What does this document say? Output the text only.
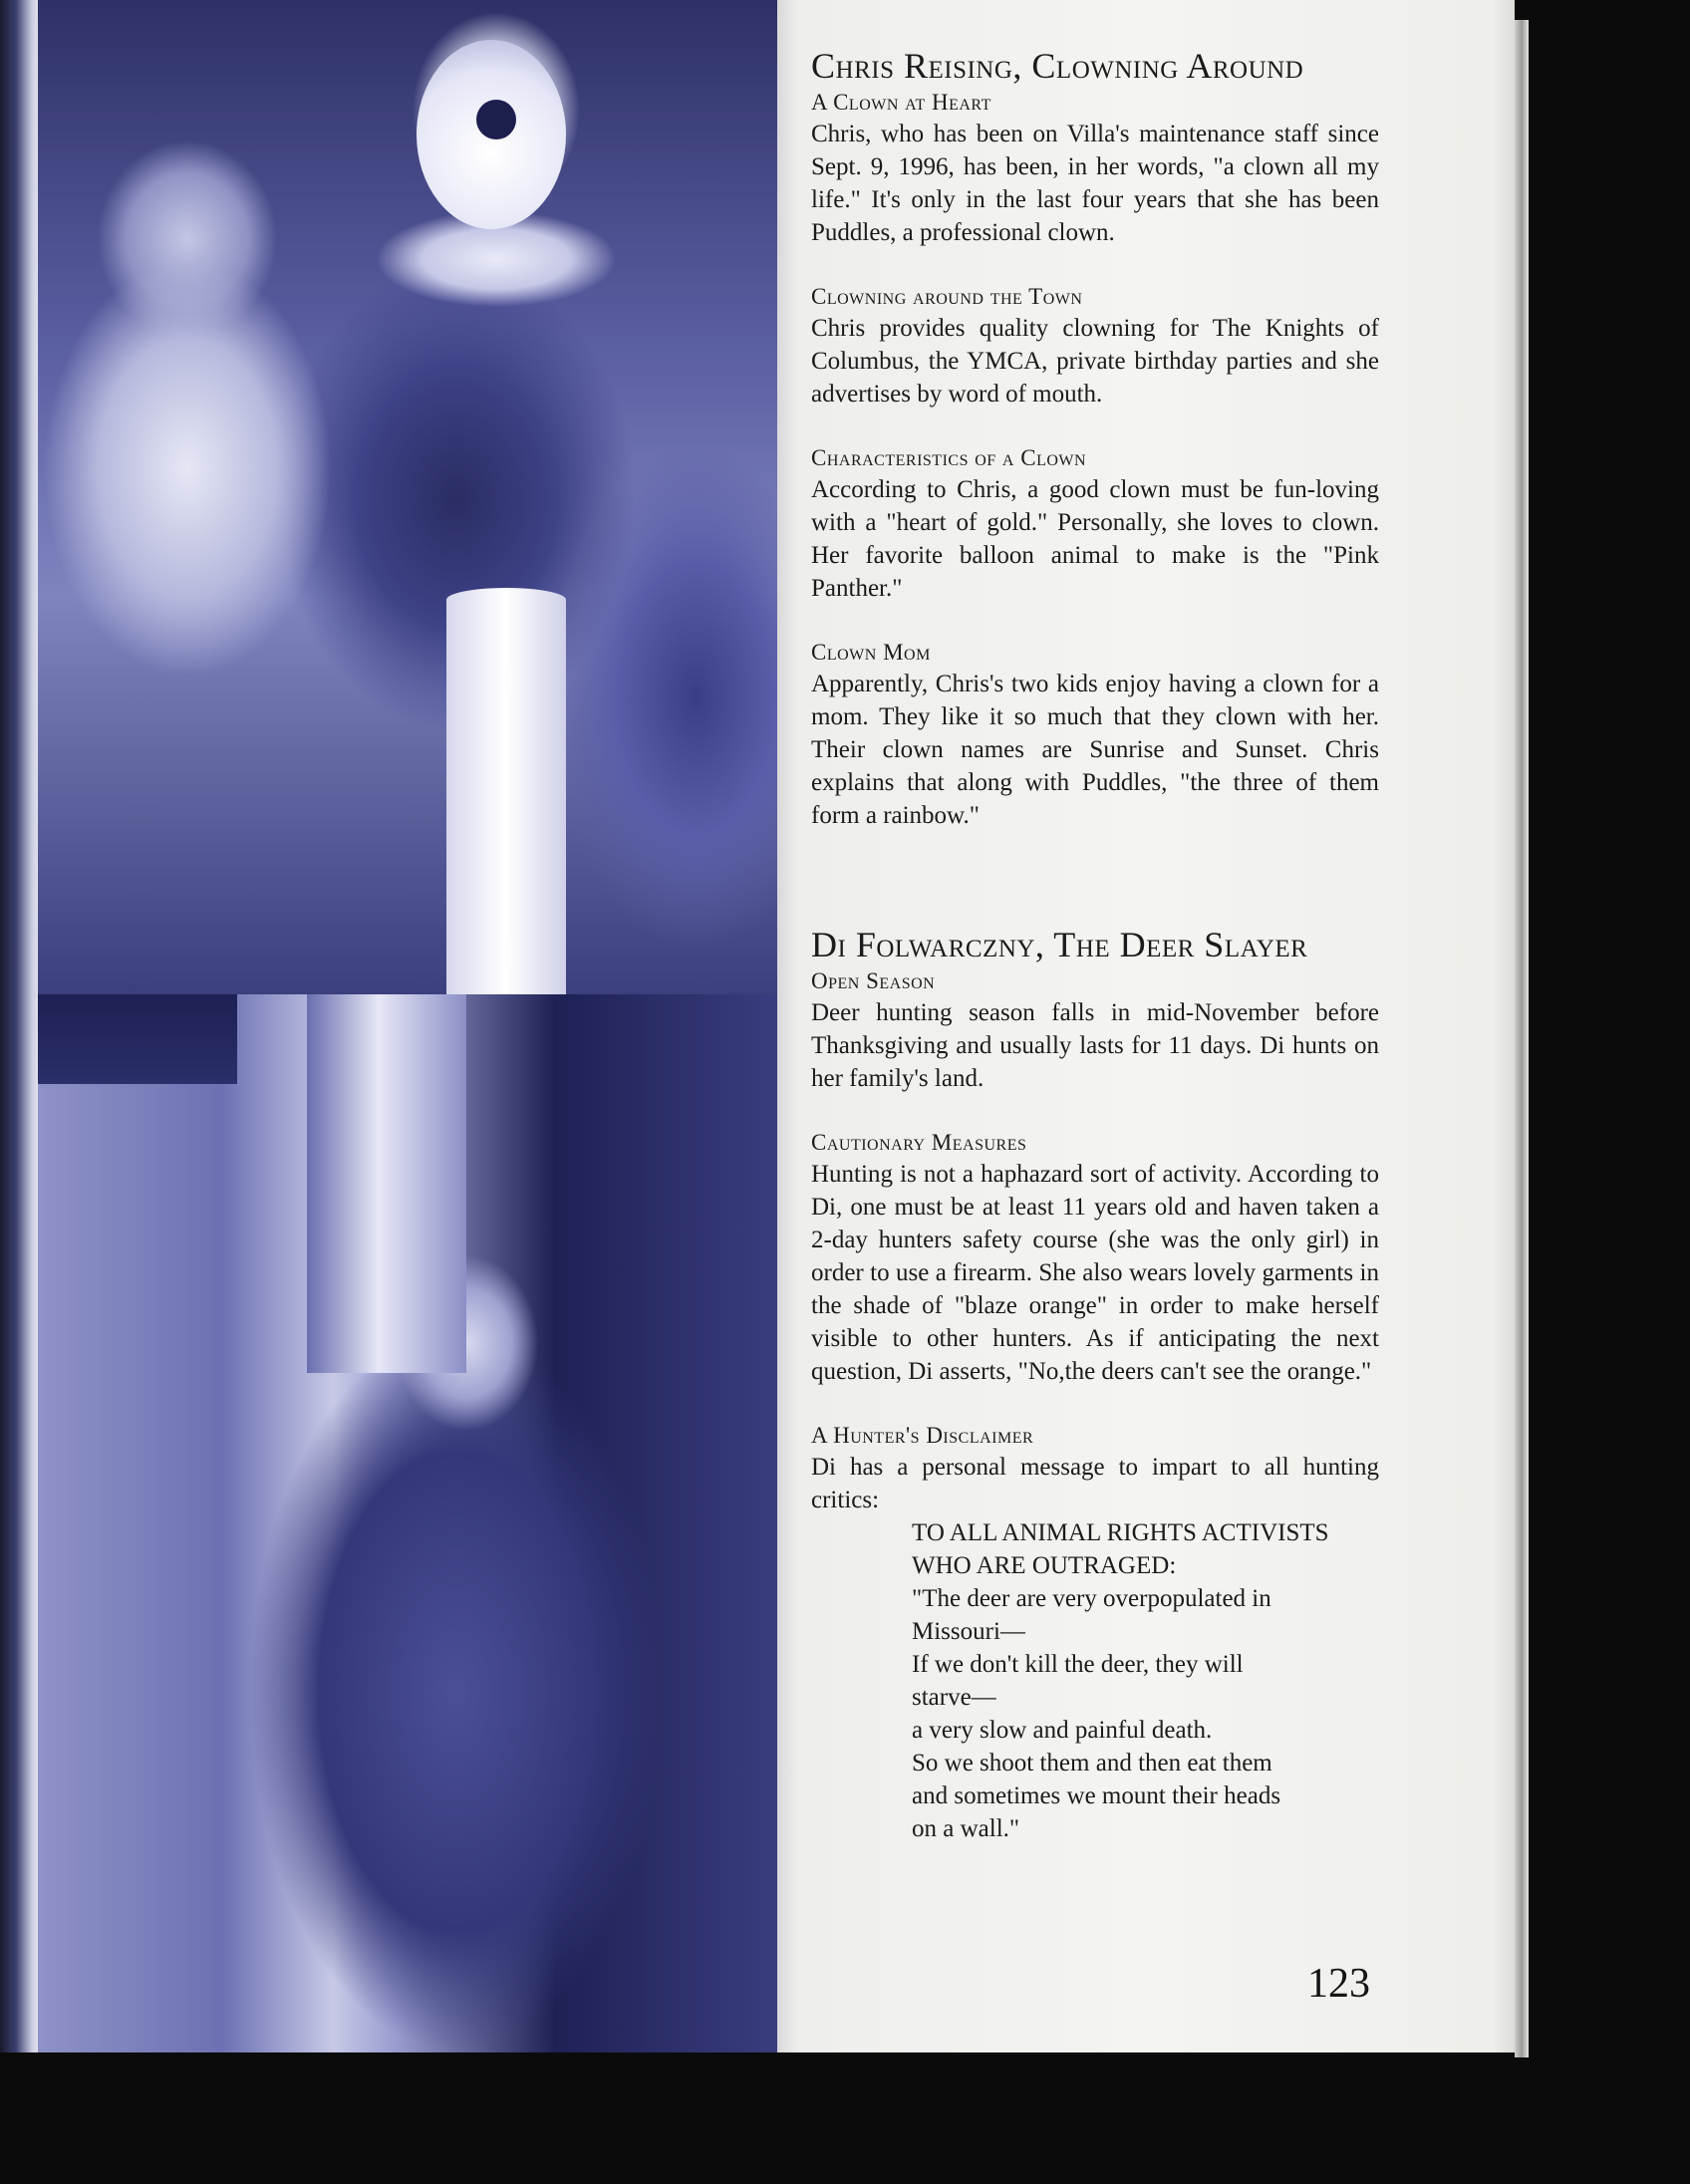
Chris Reising, Clowning Around

A Clown at Heart

Chris, who has been on Villa's maintenance staff since Sept. 9, 1996, has been, in her words, "a clown all my life." It's only in the last four years that she has been Puddles, a professional clown.

Clowning around the Town

Chris provides quality clowning for The Knights of Columbus, the YMCA, private birthday parties and she advertises by word of mouth.

Characteristics of a Clown

According to Chris, a good clown must be fun-loving with a "heart of gold." Personally, she loves to clown. Her favorite balloon animal to make is the "Pink Panther."

Clown Mom

Apparently, Chris's two kids enjoy having a clown for a mom. They like it so much that they clown with her. Their clown names are Sunrise and Sunset. Chris explains that along with Puddles, "the three of them form a rainbow."

Di Folwarczny, The Deer Slayer

Open Season

Deer hunting season falls in mid-November before Thanksgiving and usually lasts for 11 days. Di hunts on her family's land.

Cautionary Measures

Hunting is not a haphazard sort of activity. According to Di, one must be at least 11 years old and haven taken a 2-day hunters safety course (she was the only girl) in order to use a firearm. She also wears lovely garments in the shade of "blaze orange" in order to make herself visible to other hunters. As if anticipating the next question, Di asserts, "No,the deers can't see the orange."

A Hunter's Disclaimer

Di has a personal message to impart to all hunting critics:

TO ALL ANIMAL RIGHTS ACTIVISTS

WHO ARE OUTRAGED:

"The deer are very overpopulated in

Missouri—

If we don't kill the deer, they will

starve—

a very slow and painful death.

So we shoot them and then eat them

and sometimes we mount their heads

on a wall."

123
